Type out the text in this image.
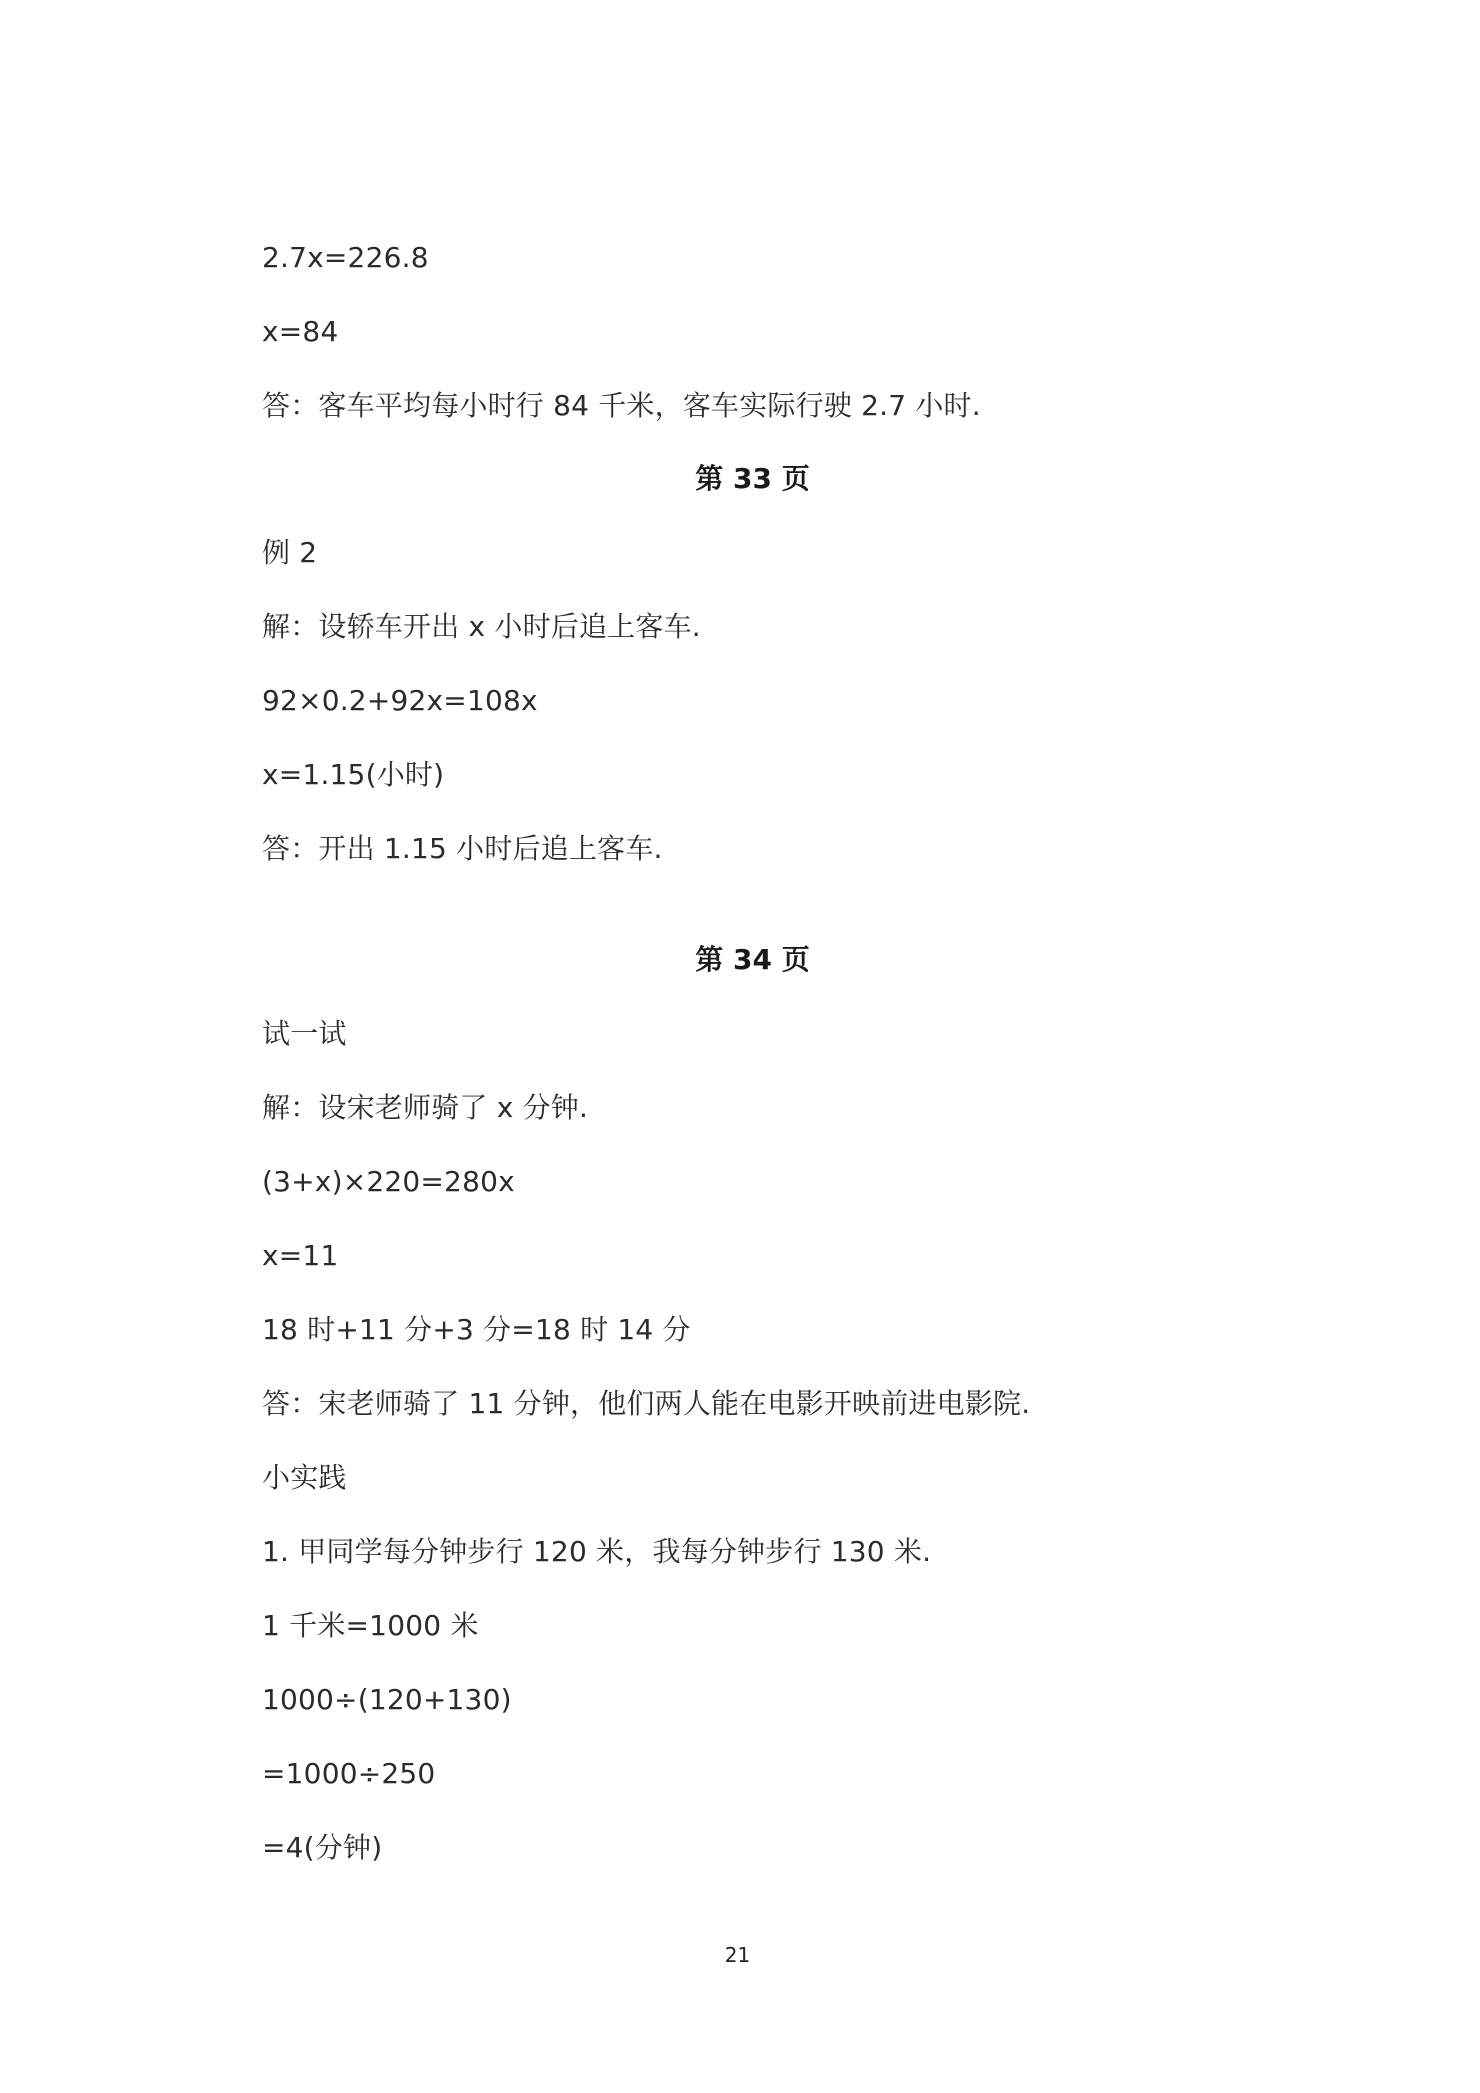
2.7x=226.8
x=84
答：客车平均每小时行 84 千米，客车实际行驶 2.7 小时.
第 33 页
例 2
解：设轿车开出 x 小时后追上客车.
92×0.2+92x=108x
x=1.15(小时)
答：开出 1.15 小时后追上客车.
第 34 页
试一试
解：设宋老师骑了 x 分钟.
(3+x)×220=280x
x=11
18 时+11 分+3 分=18 时 14 分
答：宋老师骑了 11 分钟，他们两人能在电影开映前进电影院.
小实践
1. 甲同学每分钟步行 120 米，我每分钟步行 130 米.
1 千米=1000 米
1000÷(120+130)
=1000÷250
=4(分钟)
21
